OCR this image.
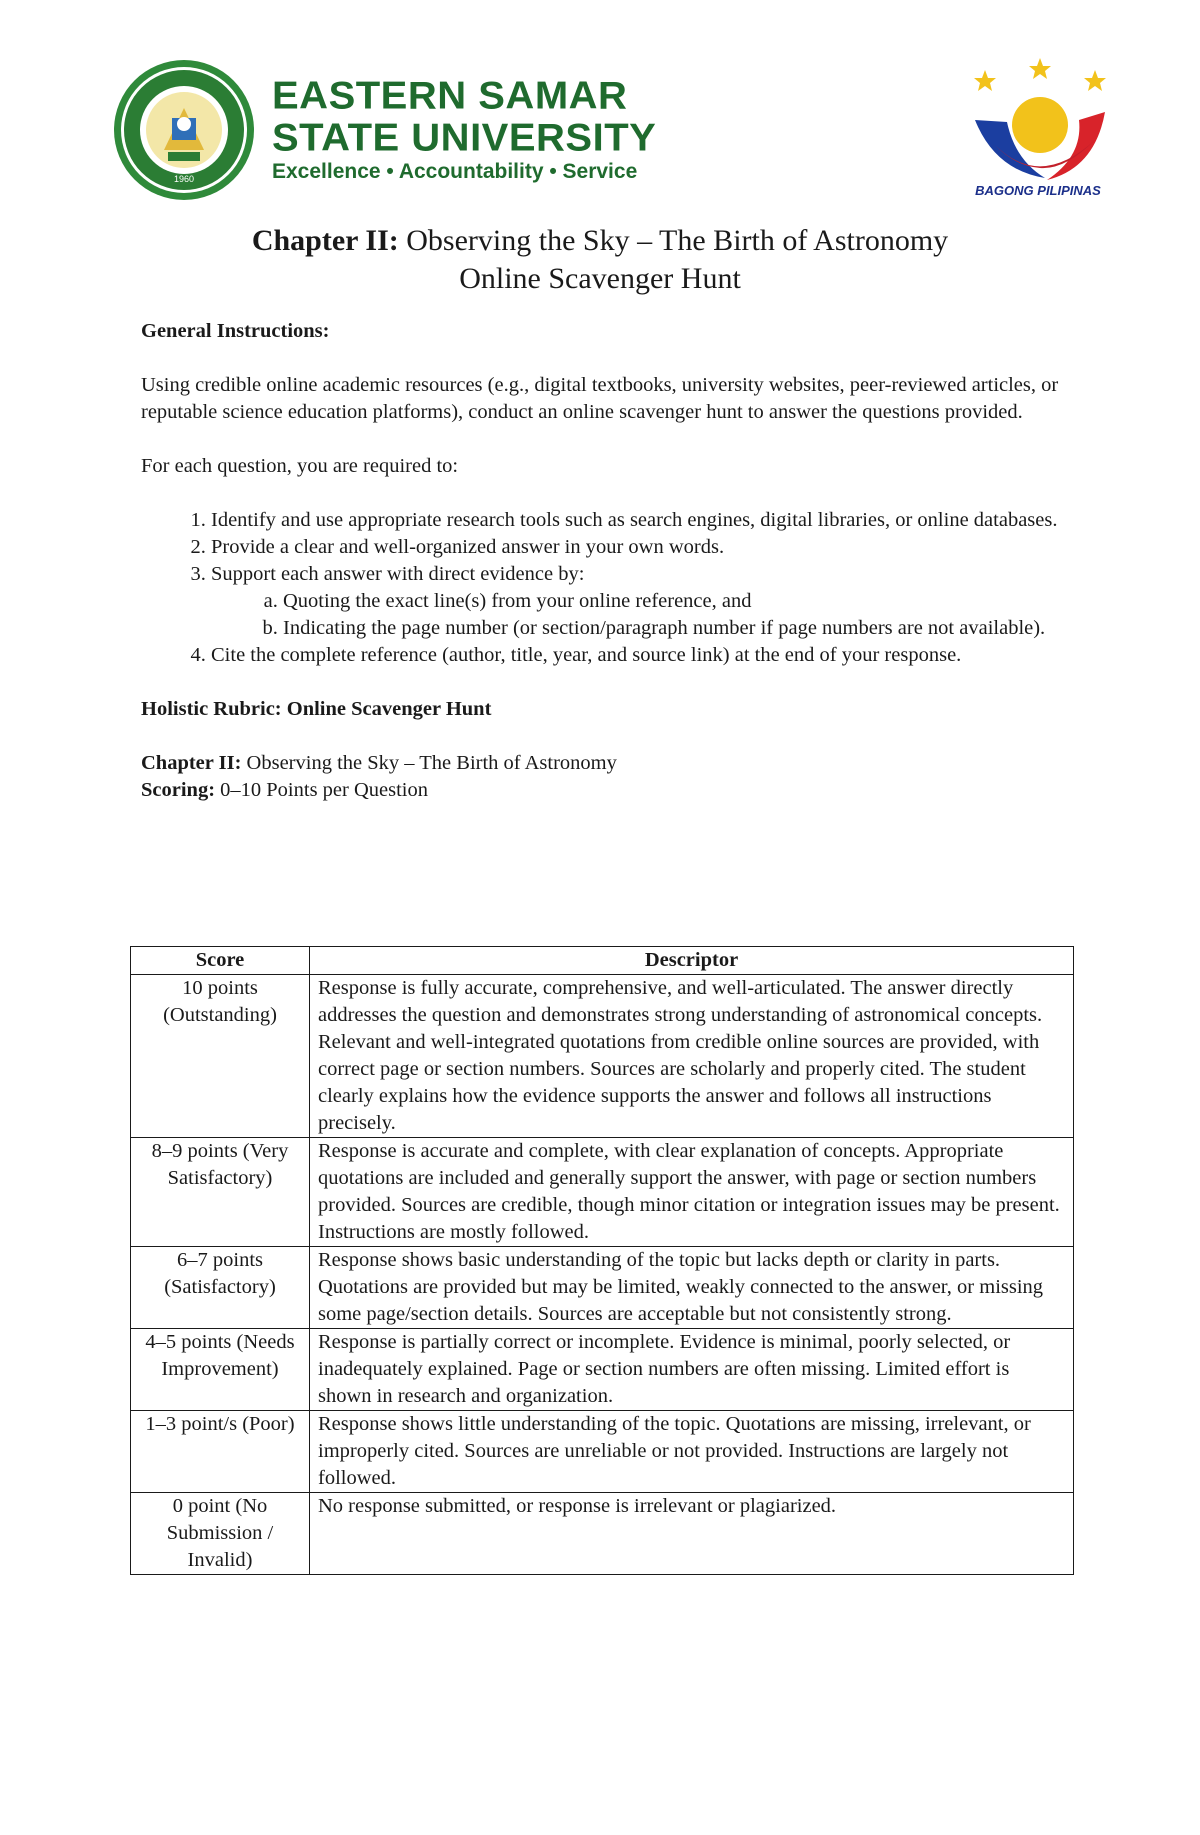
EASTERN SAMAR STATE UNIVERSITY
1960
EASTERN SAMAR
STATE UNIVERSITY
Excellence • Accountability • Service
BAGONG PILIPINAS
Chapter II: Observing the Sky – The Birth of Astronomy
Online Scavenger Hunt

General Instructions:

Using credible online academic resources (e.g., digital textbooks, university websites, peer-reviewed articles, or reputable science education platforms), conduct an online scavenger hunt to answer the questions provided.

For each question, you are required to:

1. Identify and use appropriate research tools such as search engines, digital libraries, or online databases.
2. Provide a clear and well-organized answer in your own words.
3. Support each answer with direct evidence by:
a. Quoting the exact line(s) from your online reference, and
b. Indicating the page number (or section/paragraph number if page numbers are not available).
4. Cite the complete reference (author, title, year, and source link) at the end of your response.

Holistic Rubric: Online Scavenger Hunt

Chapter II: Observing the Sky – The Birth of Astronomy

Scoring: 0–10 Points per Question

Score	Descriptor
10 points (Outstanding)	Response is fully accurate, comprehensive, and well-articulated. The answer directly addresses the question and demonstrates strong understanding of astronomical concepts. Relevant and well-integrated quotations from credible online sources are provided, with correct page or section numbers. Sources are scholarly and properly cited. The student clearly explains how the evidence supports the answer and follows all instructions precisely.
8–9 points (Very Satisfactory)	Response is accurate and complete, with clear explanation of concepts. Appropriate quotations are included and generally support the answer, with page or section numbers provided. Sources are credible, though minor citation or integration issues may be present. Instructions are mostly followed.
6–7 points (Satisfactory)	Response shows basic understanding of the topic but lacks depth or clarity in parts. Quotations are provided but may be limited, weakly connected to the answer, or missing some page/section details. Sources are acceptable but not consistently strong.
4–5 points (Needs Improvement)	Response is partially correct or incomplete. Evidence is minimal, poorly selected, or inadequately explained. Page or section numbers are often missing. Limited effort is shown in research and organization.
1–3 point/s (Poor)	Response shows little understanding of the topic. Quotations are missing, irrelevant, or improperly cited. Sources are unreliable or not provided. Instructions are largely not followed.
0 point (No Submission / Invalid)	No response submitted, or response is irrelevant or plagiarized.
